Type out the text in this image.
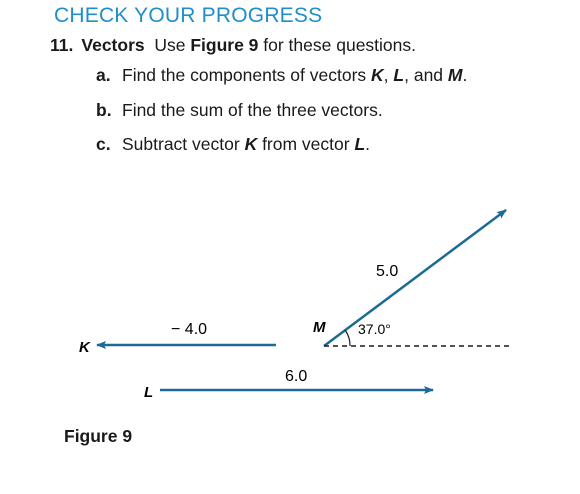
CHECK YOUR PROGRESS
11. Vectors Use Figure 9 for these questions.
a. Find the components of vectors K, L, and M.
b. Find the sum of the three vectors.
c. Subtract vector K from vector L.
K
− 4.0
L
6.0
M
5.0
37.0°
Figure 9
